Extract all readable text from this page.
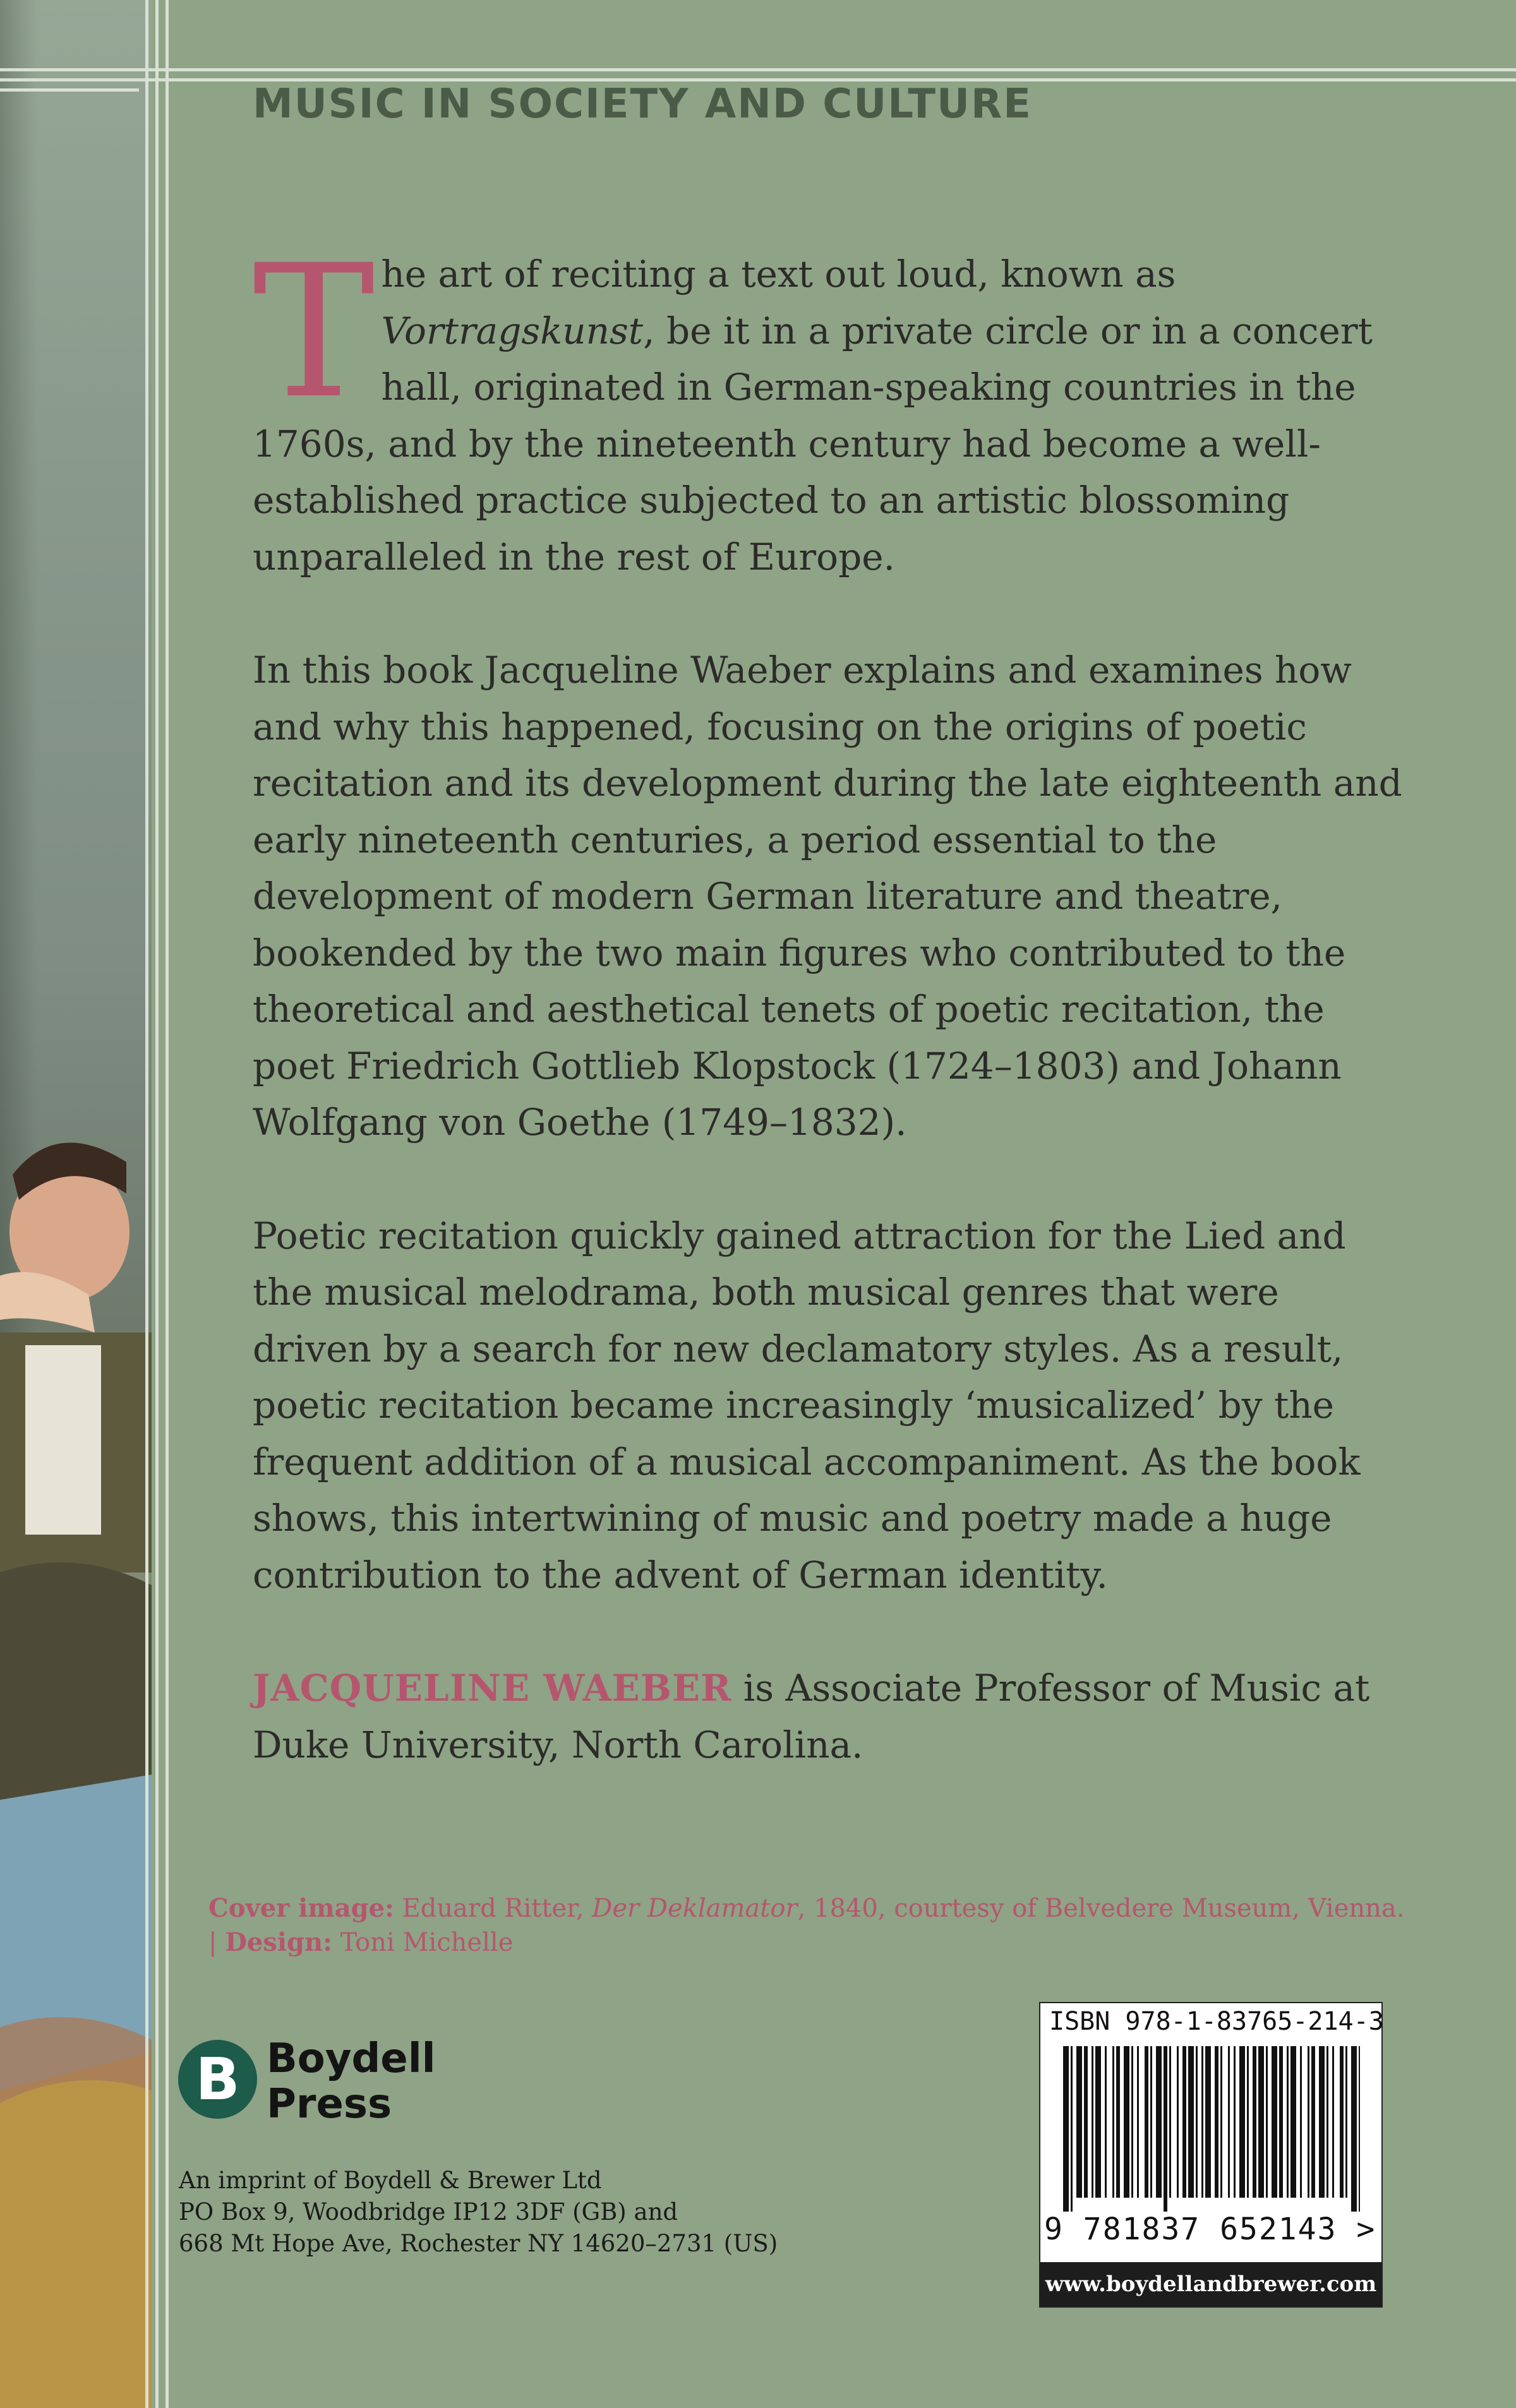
MUSIC IN SOCIETY AND CULTURE

The art of reciting a text out loud, known as Vortragskunst, be it in a private circle or in a concert hall, originated in German-speaking countries in the 1760s, and by the nineteenth century had become a well-established practice subjected to an artistic blossoming unparalleled in the rest of Europe.

In this book Jacqueline Waeber explains and examines how and why this happened, focusing on the origins of poetic recitation and its development during the late eighteenth and early nineteenth centuries, a period essential to the development of modern German literature and theatre, bookended by the two main figures who contributed to the theoretical and aesthetical tenets of poetic recitation, the poet Friedrich Gottlieb Klopstock (1724–1803) and Johann Wolfgang von Goethe (1749–1832).

Poetic recitation quickly gained attraction for the Lied and the musical melodrama, both musical genres that were driven by a search for new declamatory styles. As a result, poetic recitation became increasingly ‘musicalized’ by the frequent addition of a musical accompaniment. As the book shows, this intertwining of music and poetry made a huge contribution to the advent of German identity.

JACQUELINE WAEBER is Associate Professor of Music at Duke University, North Carolina.

Cover image: Eduard Ritter, Der Deklamator, 1840, courtesy of Belvedere Museum, Vienna.
| Design: Toni Michelle
B Boydell
Press
An imprint of Boydell & Brewer Ltd
PO Box 9, Woodbridge IP12 3DF (GB) and
668 Mt Hope Ave, Rochester NY 14620–2731 (US)
ISBN 978-1-83765-214-3
9 781837 652143 >
www.boydellandbrewer.com
